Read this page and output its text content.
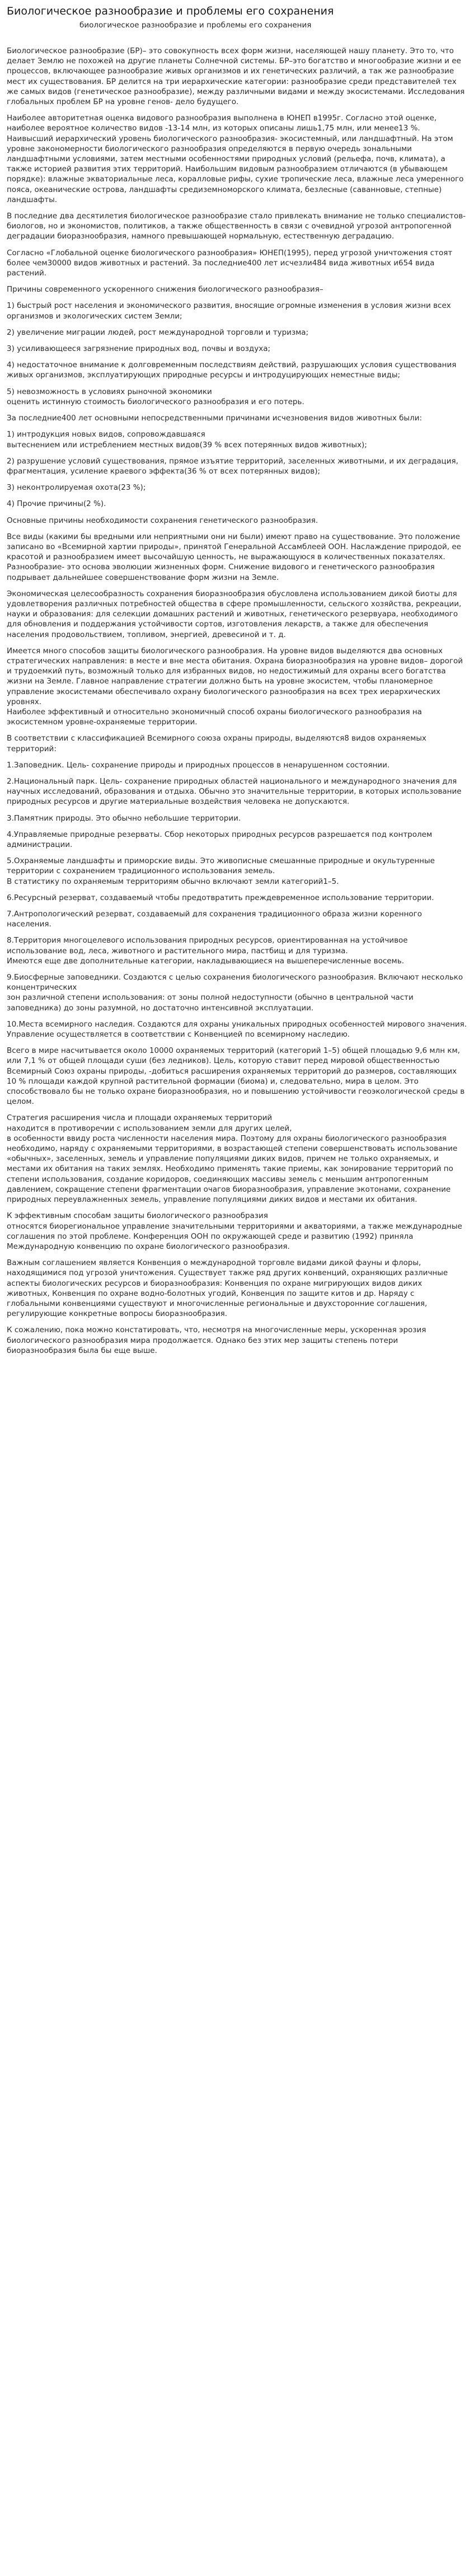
Биологическое разнообразие и проблемы его сохранения
биологическое разнообразие и проблемы его сохранения

Биологическое разнообразие (БР)– это совокупность всех форм жизни, населяющей нашу планету. Это то, что делает Землю не похожей на другие планеты Солнечной системы. БР–это богатство и многообразие жизни и ее процессов, включающее разнообразие живых организмов и их генетических различий, а так же разнообразие мест их существования. БР делится на три иерархические категории: разнообразие среди представителей тех же самых видов (генетическое разнообразие), между различными видами и между экосистемами. Исследования глобальных проблем БР на уровне генов- дело будущего.

Наиболее авторитетная оценка видового разнообразия выполнена в ЮНЕП в1995г. Согласно этой оценке, наиболее вероятное количество видов -13-14 млн, из которых описаны лишь1,75 млн, или менее13 %. Наивысший иерархический уровень биологического разнообразия- экосистемный, или ландшафтный. На этом уровне закономерности биологического разнообразия определяются в первую очередь зональными ландшафтными условиями, затем местными особенностями природных условий (рельефа, почв, климата), а также историей развития этих территорий. Наибольшим видовым разнообразием отличаются (в убывающем порядке): влажные экваториальные леса, коралловые рифы, сухие тропические леса, влажные леса умеренного пояса, океанические острова, ландшафты средиземноморского климата, безлесные (саванновые, степные) ландшафты.

В последние два десятилетия биологическое разнообразие стало привлекать внимание не только специалистов-биологов, но и экономистов, политиков, а также общественность в связи с очевидной угрозой антропогенной деградации биоразнообразия, намного превышающей нормальную, естественную деградацию.

Согласно «Глобальной оценке биологического разнообразия» ЮНЕП(1995), перед угрозой уничтожения стоят более чем30000 видов животных и растений. За последние400 лет исчезли484 вида животных и654 вида растений.

Причины современного ускоренного снижения биологического разнообразия–

1) быстрый рост населения и экономического развития, вносящие огромные изменения в условия жизни всех организмов и экологических систем Земли;

2) увеличение миграции людей, рост международной торговли и туризма;

3) усиливающееся загрязнение природных вод, почвы и воздуха;

4) недостаточное внимание к долговременным последствиям действий, разрушающих условия существования живых организмов, эксплуатирующих природные ресурсы и интродуцирующих неместные виды;

5) невозможность в условиях рыночной экономики
оценить истинную стоимость биологического разнообразия и его потерь.

За последние400 лет основными непосредственными причинами исчезновения видов животных были:

1) интродукция новых видов, сопровождавшаяся
вытеснением или истреблением местных видов(39 % всех потерянных видов животных);

2) разрушение условий существования, прямое изъятие территорий, заселенных животными, и их деградация, фрагментация, усиление краевого эффекта(36 % от всех потерянных видов);

3) неконтролируемая охота(23 %);

4) Прочие причины(2 %).

Основные причины необходимости сохранения генетического разнообразия.

Все виды (какими бы вредными или неприятными они ни были) имеют право на существование. Это положение записано во «Всемирной хартии природы», принятой Генеральной Ассамблеей ООН. Наслаждение природой, ее красотой и разнообразием имеет высочайшую ценность, не выражающуюся в количественных показателях. Разнообразие- это основа эволюции жизненных форм. Снижение видового и генетического разнообразия подрывает дальнейшее совершенствование форм жизни на Земле.

Экономическая целесообразность сохранения биоразнообразия обусловлена использованием дикой биоты для удовлетворения различных потребностей общества в сфере промышленности, сельского хозяйства, рекреации, науки и образования: для селекции домашних растений и животных, генетического резервуара, необходимого для обновления и поддержания устойчивости сортов, изготовления лекарств, а также для обеспечения населения продовольствием, топливом, энергией, древесиной и т. д.

Имеется много способов защиты биологического разнообразия. На уровне видов выделяются два основных стратегических направления: в месте и вне места обитания. Охрана биоразнообразия на уровне видов– дорогой и трудоемкий путь, возможный только для избранных видов, но недостижимый для охраны всего богатства жизни на Земле. Главное направление стратегии должно быть на уровне экосистем, чтобы планомерное управление экосистемами обеспечивало охрану биологического разнообразия на всех трех иерархических уровнях.
Наиболее эффективный и относительно экономичный способ охраны биологического разнообразия на экосистемном уровне-охраняемые территории.

В соответствии с классификацией Всемирного союза охраны природы, выделяются8 видов охраняемых территорий:

1.Заповедник. Цель- сохранение природы и природных процессов в ненарушенном состоянии.

2.Национальный парк. Цель- сохранение природных областей национального и международного значения для научных исследований, образования и отдыха. Обычно это значительные территории, в которых использование природных ресурсов и другие материальные воздействия человека не допускаются.

3.Памятник природы. Это обычно небольшие территории.

4.Управляемые природные резерваты. Сбор некоторых природных ресурсов разрешается под контролем администрации.

5.Охраняемые ландшафты и приморские виды. Это живописные смешанные природные и окультуренные территории с сохранением традиционного использования земель.
В статистику по охраняемым территориям обычно включают земли категорий1–5.

6.Ресурсный резерват, создаваемый чтобы предотвратить преждевременное использование территории.

7.Антропологический резерват, создаваемый для сохранения традиционного образа жизни коренного населения.

8.Территория многоцелевого использования природных ресурсов, ориентированная на устойчивое использование вод, леса, животного и растительного мира, пастбищ и для туризма.
Имеются еще две дополнительные категории, накладывающиеся на вышеперечисленные восемь.

9.Биосферные заповедники. Создаются с целью сохранения биологического разнообразия. Включают несколько концентрических
зон различной степени использования: от зоны полной недоступности (обычно в центральной части заповедника) до зоны разумной, но достаточно интенсивной эксплуатации.

10.Места всемирного наследия. Создаются для охраны уникальных природных особенностей мирового значения. Управление осуществляется в соответствии с Конвенцией по всемирному наследию.

Всего в мире насчитывается около 10000 охраняемых территорий (категорий 1–5) общей площадью 9,6 млн км, или 7,1 % от общей площади суши (без ледников). Цель, которую ставит перед мировой общественностью Всемирный Союз охраны природы, -добиться расширения охраняемых территорий до размеров, составляющих 10 % площади каждой крупной растительной формации (биома) и, следовательно, мира в целом. Это способствовало бы не только охране биоразнообразия, но и повышению устойчивости геоэкологической среды в целом.

Стратегия расширения числа и площади охраняемых территорий
находится в противоречии с использованием земли для других целей,
в особенности ввиду роста численности населения мира. Поэтому для охраны биологического разнообразия необходимо, наряду с охраняемыми территориями, в возрастающей степени совершенствовать использование «обычных», заселенных, земель и управление популяциями диких видов, причем не только охраняемых, и местами их обитания на таких землях. Необходимо применять такие приемы, как зонирование территорий по степени использования, создание коридоров, соединяющих массивы земель с меньшим антропогенным давлением, сокращение степени фрагментации очагов биоразнообразия, управление экотонами, сохранение природных переувлажненных земель, управление популяциями диких видов и местами их обитания.

К эффективным способам защиты биологического разнообразия
относятся биорегиональное управление значительными территориями и акваториями, а также международные соглашения по этой проблеме. Конференция ООН по окружающей среде и развитию (1992) приняла Международную конвенцию по охране биологического разнообразия.

Важным соглашением является Конвенция о международной торговле видами дикой фауны и флоры, находящимися под угрозой уничтожения. Существует также ряд других конвенций, охраняющих различные аспекты биологических ресурсов и биоразнообразия: Конвенция по охране мигрирующих видов диких животных, Конвенция по охране водно-болотных угодий, Конвенция по защите китов и др. Наряду с глобальными конвенциями существуют и многочисленные региональные и двухсторонние соглашения, регулирующие конкретные вопросы биоразнообразия.

К сожалению, пока можно констатировать, что, несмотря на многочисленные меры, ускоренная эрозия биологического разнообразия мира продолжается. Однако без этих мер защиты степень потери биоразнообразия была бы еще выше.
